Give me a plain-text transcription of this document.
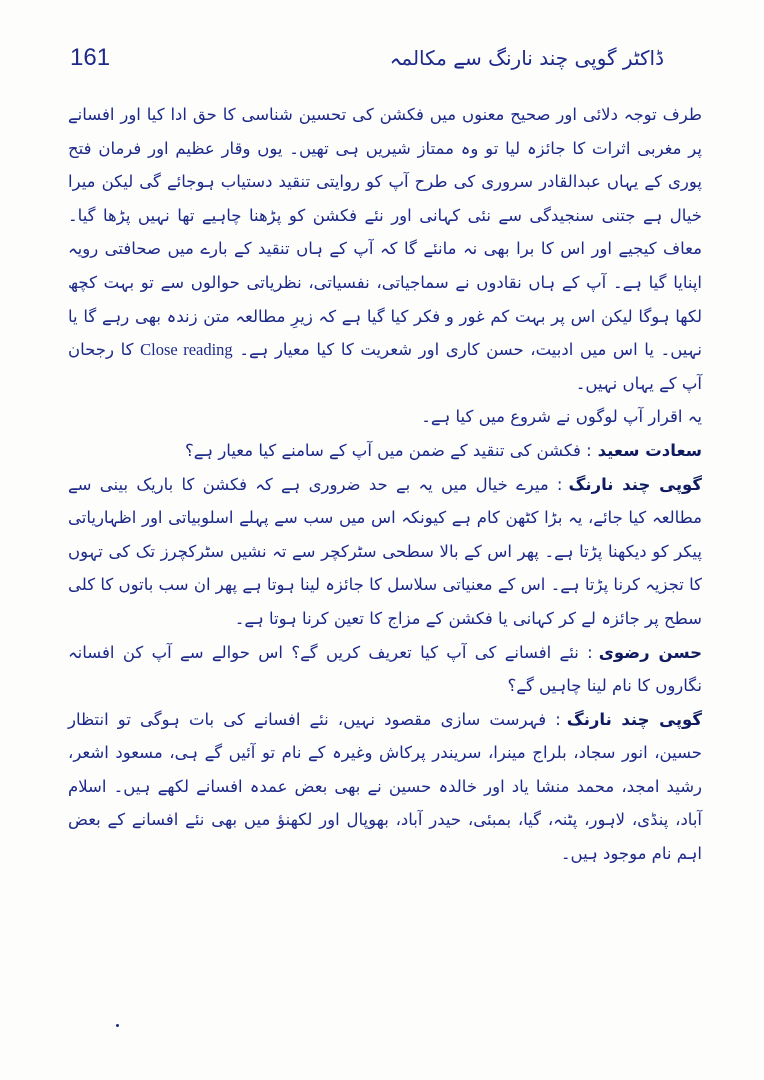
161	ڈاکٹر گوپی چند نارنگ سے مکالمہ

طرف توجہ دلائی اور صحیح معنوں میں فکشن کی تحسین شناسی کا حق ادا کیا اور افسانے پر مغربی اثرات کا جائزہ لیا تو وہ ممتاز شیریں ہی تھیں۔ یوں وقار عظیم اور فرمان فتح پوری کے یہاں عبدالقادر سروری کی طرح آپ کو روایتی تنقید دستیاب ہوجائے گی لیکن میرا خیال ہے جتنی سنجیدگی سے نئی کہانی اور نئے فکشن کو پڑھنا چاہیے تھا نہیں پڑھا گیا۔ معاف کیجیے اور اس کا برا بھی نہ مانئے گا کہ آپ کے ہاں تنقید کے بارے میں صحافتی رویہ اپنایا گیا ہے۔ آپ کے ہاں نقادوں نے سماجیاتی، نفسیاتی، نظریاتی حوالوں سے تو بہت کچھ لکھا ہوگا لیکن اس پر بہت کم غور و فکر کیا گیا ہے کہ زیرِ مطالعہ متن زندہ بھی رہے گا یا نہیں۔ یا اس میں ادبیت، حسن کاری اور شعریت کا کیا معیار ہے۔ Close reading کا رجحان آپ کے یہاں نہیں۔

یہ اقرار آپ لوگوں نے شروع میں کیا ہے۔

سعادت سعید: فکشن کی تنقید کے ضمن میں آپ کے سامنے کیا معیار ہے؟

گوپی چند نارنگ: میرے خیال میں یہ بے حد ضروری ہے کہ فکشن کا باریک بینی سے مطالعہ کیا جائے، یہ بڑا کٹھن کام ہے کیونکہ اس میں سب سے پہلے اسلوبیاتی اور اظہاریاتی پیکر کو دیکھنا پڑتا ہے۔ پھر اس کے بالا سطحی سٹرکچر سے تہ نشیں سٹرکچرز تک کی تہوں کا تجزیہ کرنا پڑتا ہے۔ اس کے معنیاتی سلاسل کا جائزہ لینا ہوتا ہے پھر ان سب باتوں کا کلی سطح پر جائزہ لے کر کہانی یا فکشن کے مزاج کا تعین کرنا ہوتا ہے۔

حسن رضوی: نئے افسانے کی آپ کیا تعریف کریں گے؟ اس حوالے سے آپ کن افسانہ نگاروں کا نام لینا چاہیں گے؟

گوپی چند نارنگ: فہرست سازی مقصود نہیں، نئے افسانے کی بات ہوگی تو انتظار حسین، انور سجاد، بلراج مینرا، سریندر پرکاش وغیرہ کے نام تو آئیں گے ہی، مسعود اشعر، رشید امجد، محمد منشا یاد اور خالدہ حسین نے بھی بعض عمدہ افسانے لکھے ہیں۔ اسلام آباد، پنڈی، لاہور، پٹنہ، گیا، بمبئی، حیدر آباد، بھوپال اور لکھنؤ میں بھی نئے افسانے کے بعض اہم نام موجود ہیں۔
